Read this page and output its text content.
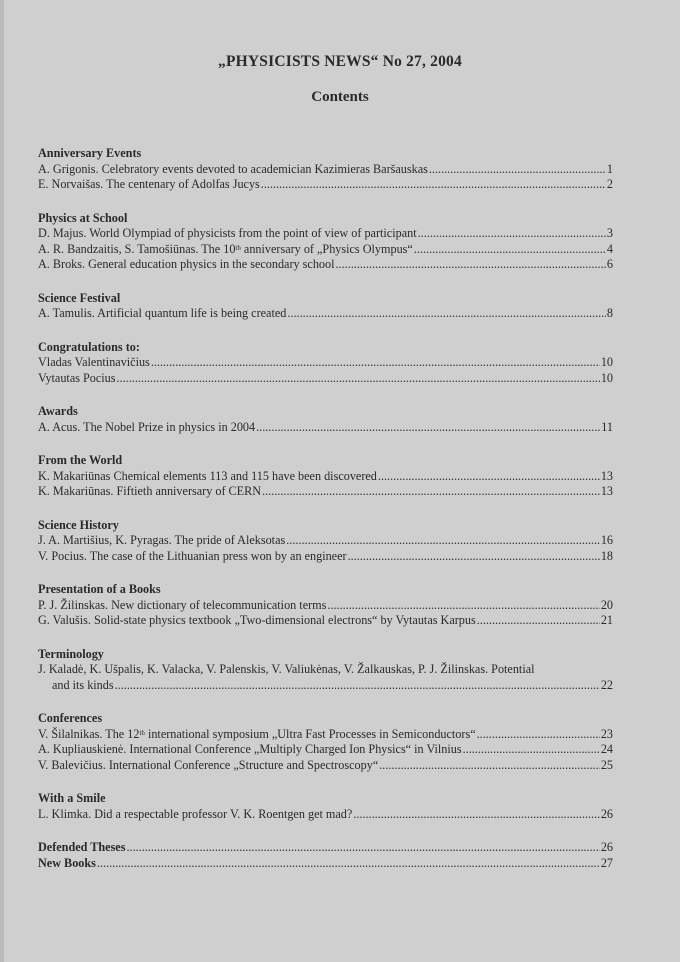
„PHYSICISTS NEWS“ No 27, 2004
Contents
Anniversary Events
A. Grigonis. Celebratory events devoted to academician Kazimieras Baršauskas .....	1
E. Norvaišas. The centenary of Adolfas Jucys .....	2
Physics at School
D. Majus. World Olympiad of physicists from the point of view of participant .....	3
A. R. Bandzaitis, S. Tamošiūnas. The 10th anniversary of „Physics Olympus“ .....	4
A. Broks. General education physics in the secondary school .....	6
Science Festival
A. Tamulis. Artificial quantum life is being created .....	8
Congratulations to:
Vladas Valentinavičius .....	10
Vytautas Pocius .....	10
Awards
A. Acus. The Nobel Prize in physics in 2004 .....	11
From the World
K. Makariūnas Chemical elements 113 and 115 have been discovered .....	13
K. Makariūnas. Fiftieth anniversary of CERN .....	13
Science History
J. A. Martišius, K. Pyragas. The pride of Aleksotas .....	16
V. Pocius. The case of the Lithuanian press won by an engineer .....	18
Presentation of a Books
P. J. Žilinskas. New dictionary of telecommunication terms .....	20
G. Valušis. Solid-state physics textbook „Two-dimensional electrons“ by Vytautas Karpus .....	21
Terminology
J. Kaladė, K. Ušpalis, K. Valacka, V. Palenskis, V. Valiukėnas, V. Žalkauskas, P. J. Žilinskas. Potential
and its kinds .....	22
Conferences
V. Šilalnikas. The 12th international symposium „Ultra Fast Processes in Semiconductors“ .....	23
A. Kupliauskienė. International Conference „Multiply Charged Ion Physics“ in Vilnius .....	24
V. Balevičius. International Conference „Structure and Spectroscopy“ .....	25
With a Smile
L. Klimka. Did a respectable professor V. K. Roentgen get mad? .....	26
Defended Theses .....	26
New Books .....	27
